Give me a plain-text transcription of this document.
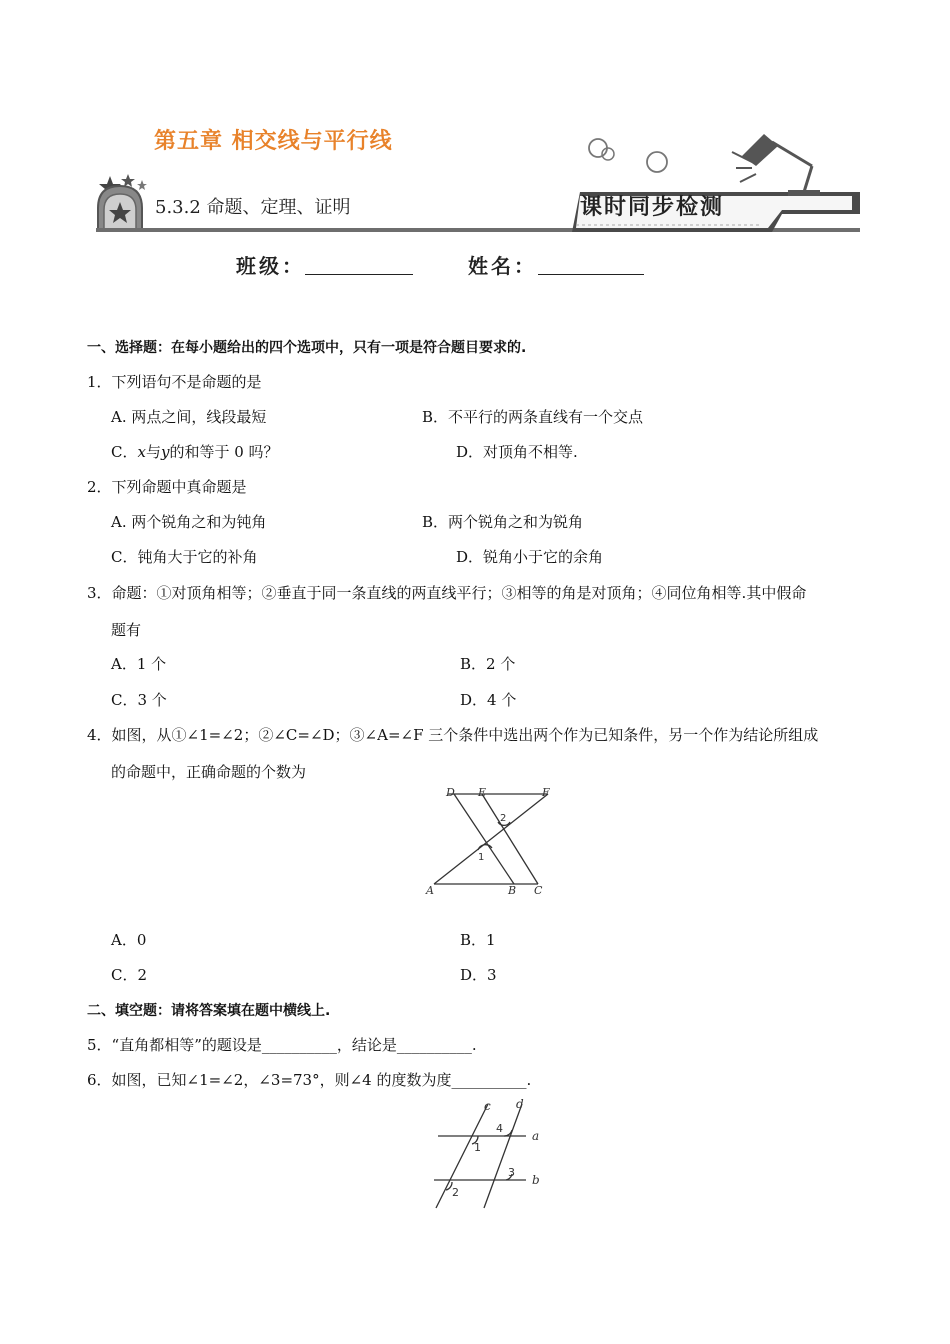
5.3.2 命题、定理、证明	课时同步检测
第五章 相交线与平行线
班级：	姓名：
一、选择题：在每小题给出的四个选项中，只有一项是符合题目要求的.
1．下列语句不是命题的是
A. 两点之间，线段最短	B．不平行的两条直线有一个交点
C．x与y的和等于 0 吗？	D．对顶角不相等.
2．下列命题中真命题是
A. 两个锐角之和为钝角	B．两个锐角之和为锐角
C．钝角大于它的补角	D．锐角小于它的余角
3．命题：①对顶角相等；②垂直于同一条直线的两直线平行；③相等的角是对顶角；④同位角相等.其中假命
题有
A．1 个	B．2 个
C．3 个	D．4 个
4．如图，从①∠1=∠2；②∠C=∠D；③∠A=∠F 三个条件中选出两个作为已知条件，另一个作为结论所组成
的命题中，正确命题的个数为
D E	F
A	B C
1
2
A．0	B．1
C．2	D．3
二、填空题：请将答案填在题中横线上.
5．“直角都相等”的题设是__________，结论是__________.
6．如图，已知∠1=∠2，∠3=73°，则∠4 的度数为度__________.
c d
a
b
1
2
3
4
